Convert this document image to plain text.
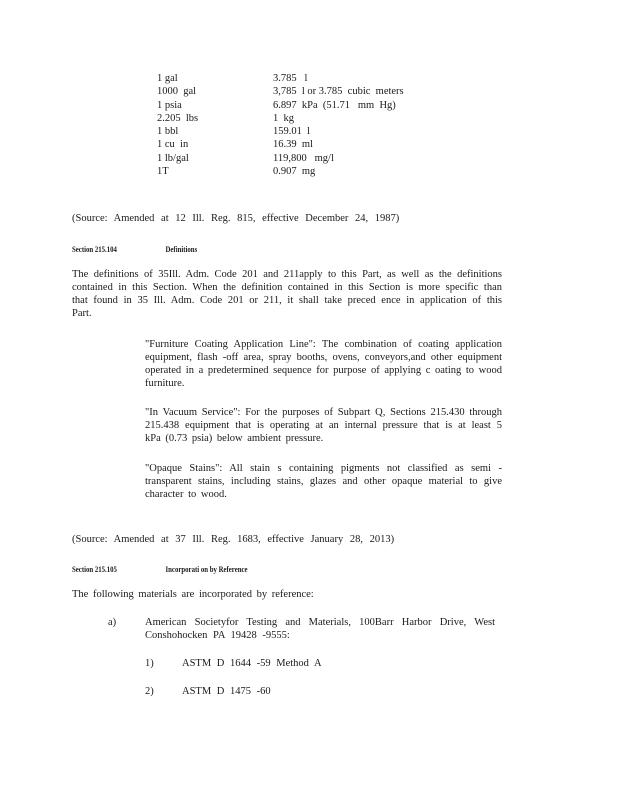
1 gal	3.785   l
1000  gal	3,785  l or 3.785  cubic  meters
1 psia	6.897  kPa  (51.71   mm  Hg)
2.205  lbs	1  kg
1 bbl	159.01  l
1 cu  in	16.39  ml
1 lb/gal	119,800   mg/l
1T	0.907  mg
(Source: Amended at 12 Ill. Reg. 815, effective December 24, 1987)
Section 215.104	Definitions
The definitions of 35Ill. Adm. Code 201 and 211apply to this Part, as well as the definitions contained in this Section. When the definition contained in this Section is more specific than that found in 35 Ill. Adm. Code 201 or 211, it shall take preced ence in application of this Part.
"Furniture Coating Application Line": The combination of coating application equipment, flash -off area, spray booths, ovens, conveyors,and other equipment operated in a predetermined sequence for purpose of applying c oating to wood furniture.
"In Vacuum Service": For the purposes of Subpart Q, Sections 215.430 through 215.438 equipment that is operating at an internal pressure that is at least 5 kPa (0.73 psia) below ambient pressure.
"Opaque Stains": All stain s containing pigments not classified as semi - transparent stains, including stains, glazes and other opaque material to give character to wood.
(Source: Amended at 37 Ill. Reg. 1683, effective January 28, 2013)
Section 215.105	Incorporati on by Reference
The following materials are incorporated by reference:
a)	American Societyfor Testing and Materials, 100Barr Harbor Drive, West Conshohocken PA 19428 -9555:
1)	ASTM D 1644 -59 Method A
2)	ASTM D 1475 -60
